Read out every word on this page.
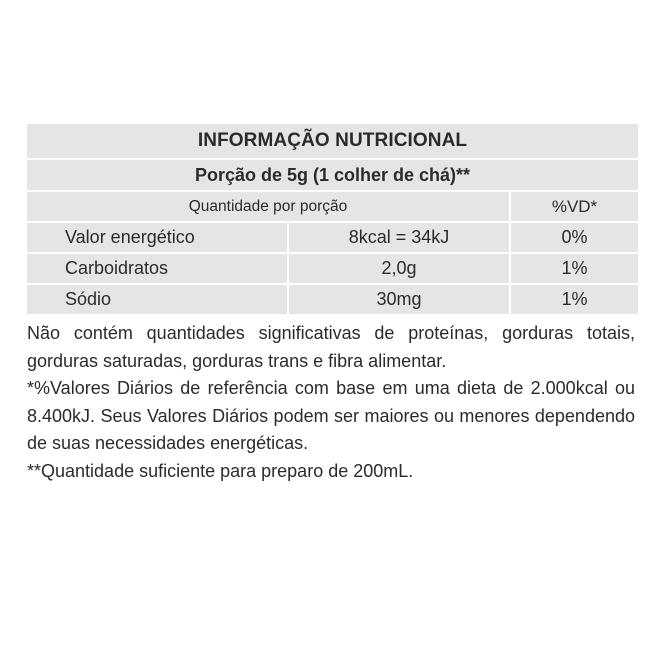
INFORMAÇÃO NUTRICIONAL		
Porção de 5g (1 colher de chá)**		
Quantidade por porção		%VD*
Valor energético	8kcal = 34kJ	0%
Carboidratos	2,0g	1%
Sódio	30mg	1%

Não contém quantidades significativas de proteínas, gorduras totais, gorduras saturadas, gorduras trans e fibra alimentar.

*%Valores Diários de referência com base em uma dieta de 2.000kcal ou 8.400kJ. Seus Valores Diários podem ser maiores ou menores dependendo de suas necessidades energéticas.

**Quantidade suficiente para preparo de 200mL.
